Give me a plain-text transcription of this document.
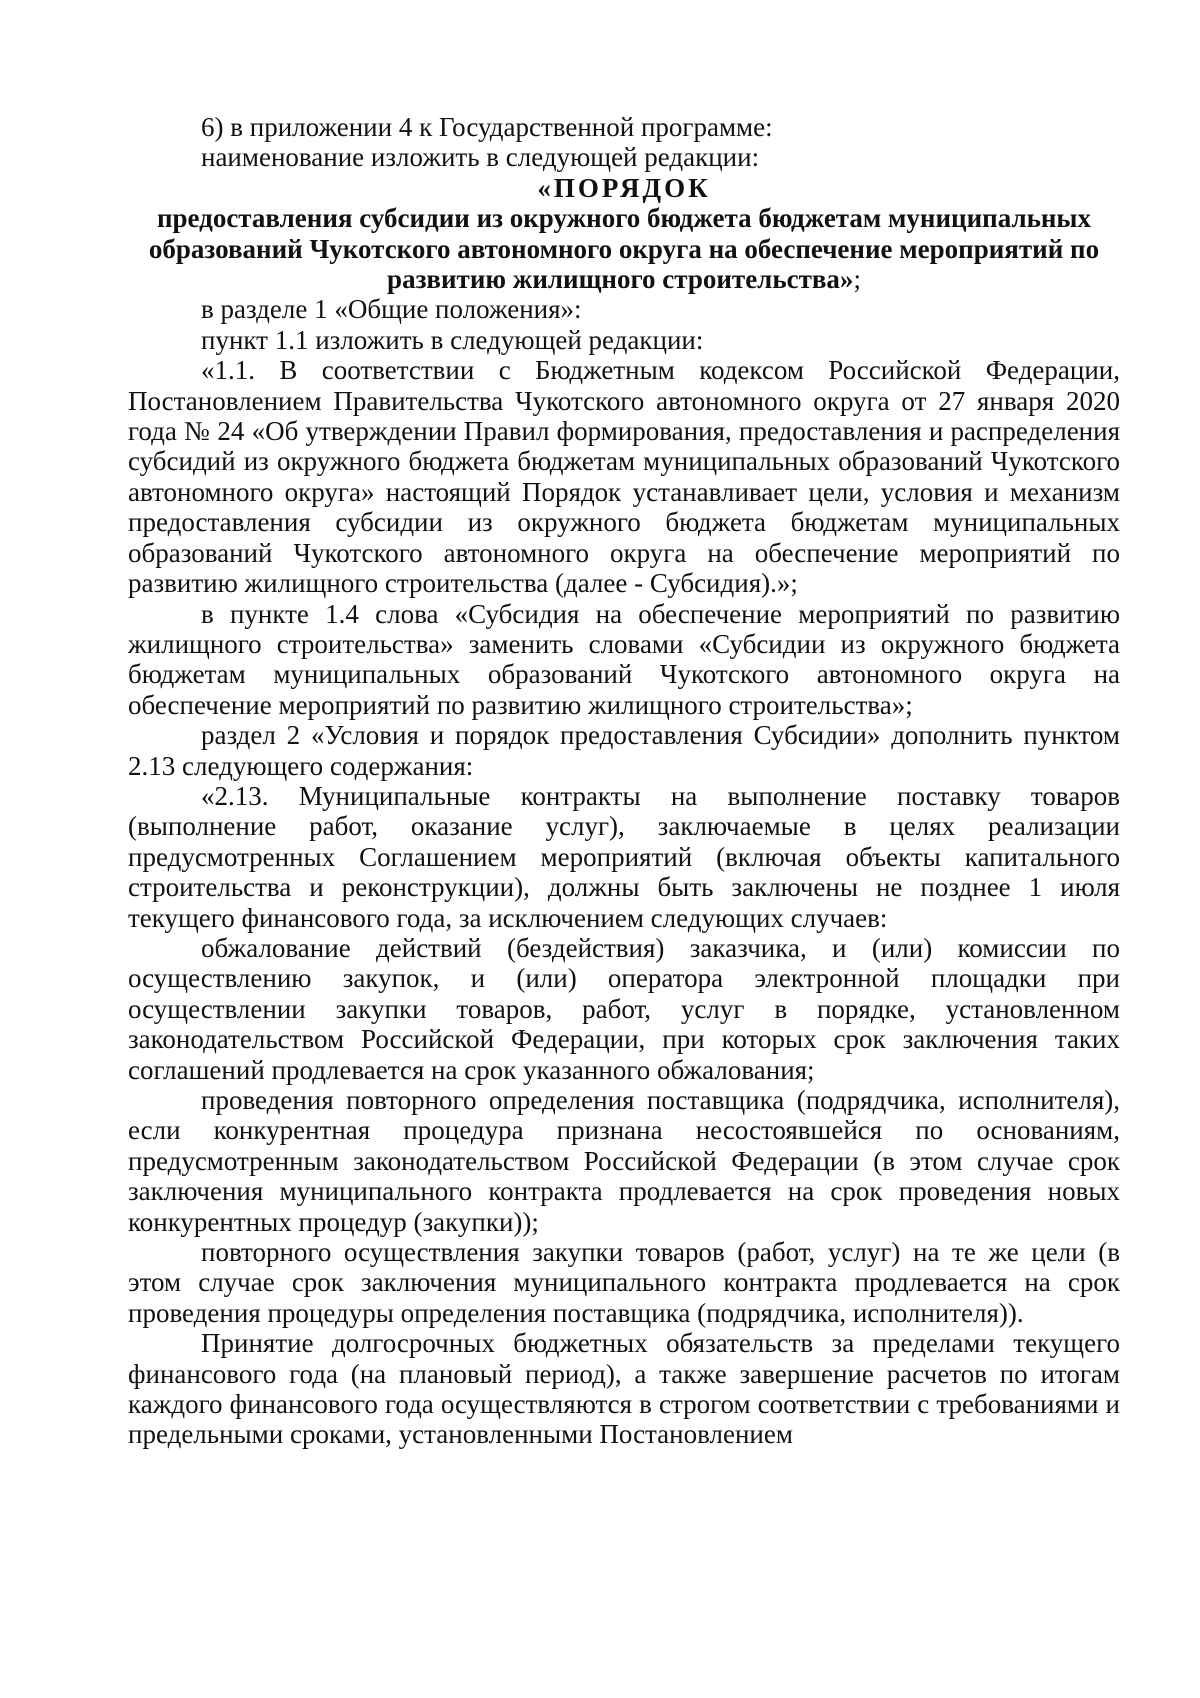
6) в приложении 4 к Государственной программе:

наименование изложить в следующей редакции:

«ПОРЯДОК

предоставления субсидии из окружного бюджета бюджетам муниципальных образований Чукотского автономного округа на обеспечение мероприятий по развитию жилищного строительства»;

в разделе 1 «Общие положения»:

пункт 1.1 изложить в следующей редакции:

«1.1. В соответствии с Бюджетным кодексом Российской Федерации, Постановлением Правительства Чукотского автономного округа от 27 января 2020 года № 24 «Об утверждении Правил формирования, предоставления и распределения субсидий из окружного бюджета бюджетам муниципальных образований Чукотского автономного округа» настоящий Порядок устанавливает цели, условия и механизм предоставления субсидии из окружного бюджета бюджетам муниципальных образований Чукотского автономного округа на обеспечение мероприятий по развитию жилищного строительства (далее - Субсидия).»;

в пункте 1.4 слова «Субсидия на обеспечение мероприятий по развитию жилищного строительства» заменить словами «Субсидии из окружного бюджета бюджетам муниципальных образований Чукотского автономного округа на обеспечение мероприятий по развитию жилищного строительства»;

раздел 2 «Условия и порядок предоставления Субсидии» дополнить пунктом 2.13 следующего содержания:

«2.13. Муниципальные контракты на выполнение поставку товаров (выполнение работ, оказание услуг), заключаемые в целях реализации предусмотренных Соглашением мероприятий (включая объекты капитального строительства и реконструкции), должны быть заключены не позднее 1 июля текущего финансового года, за исключением следующих случаев:

обжалование действий (бездействия) заказчика, и (или) комиссии по осуществлению закупок, и (или) оператора электронной площадки при осуществлении закупки товаров, работ, услуг в порядке, установленном законодательством Российской Федерации, при которых срок заключения таких соглашений продлевается на срок указанного обжалования;

проведения повторного определения поставщика (подрядчика, исполнителя), если конкурентная процедура признана несостоявшейся по основаниям, предусмотренным законодательством Российской Федерации (в этом случае срок заключения муниципального контракта продлевается на срок проведения новых конкурентных процедур (закупки));

повторного осуществления закупки товаров (работ, услуг) на те же цели (в этом случае срок заключения муниципального контракта продлевается на срок проведения процедуры определения поставщика (подрядчика, исполнителя)).

Принятие долгосрочных бюджетных обязательств за пределами текущего финансового года (на плановый период), а также завершение расчетов по итогам каждого финансового года осуществляются в строгом соответствии с требованиями и предельными сроками, установленными Постановлением
